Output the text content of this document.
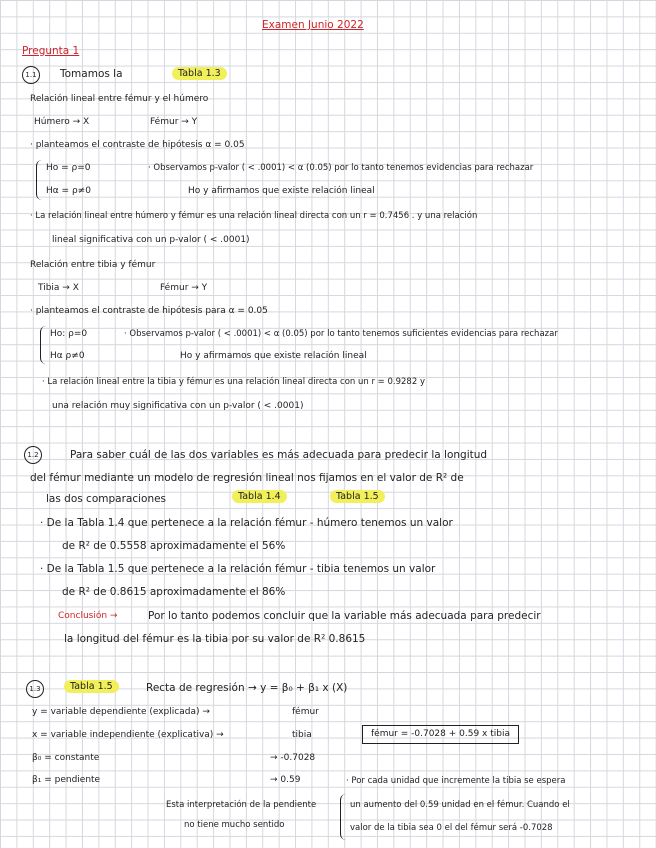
Examen Junio 2022
Pregunta 1
1.1	Tomamos la	Tabla 1.3
Relación lineal entre fémur y el húmero
Húmero → X	Fémur → Y
· planteamos el contraste de hipótesis α = 0.05
Ho = ρ=0
Hα = ρ≠0
· Observamos p-valor ( < .0001) < α (0.05) por lo tanto tenemos evidencias para rechazar
Ho y afirmamos que existe relación lineal
· La relación lineal entre húmero y fémur es una relación lineal directa con un r = 0.7456 . y una relación
lineal significativa con un p-valor ( < .0001)
Relación entre tibia y fémur
Tibia → X	Fémur → Y
· planteamos el contraste de hipótesis para α = 0.05
Ho: ρ=0
Hα ρ≠0
· Observamos p-valor ( < .0001) < α (0.05) por lo tanto tenemos suficientes evidencias para rechazar
Ho y afirmamos que existe relación lineal
· La relación lineal entre la tibia y fémur es una relación lineal directa con un r = 0.9282 y
una relación muy significativa con un p-valor ( < .0001)
1.2	Para saber cuál de las dos variables es más adecuada para predecir la longitud
del fémur mediante un modelo de regresión lineal nos fijamos en el valor de R² de
las dos comparaciones	Tabla 1.4	Tabla 1.5
· De la Tabla 1.4 que pertenece a la relación fémur - húmero tenemos un valor
de R² de 0.5558 aproximadamente el 56%
· De la Tabla 1.5 que pertenece a la relación fémur - tibia tenemos un valor
de R² de 0.8615 aproximadamente el 86%
Conclusión →	Por lo tanto podemos concluir que la variable más adecuada para predecir
la longitud del fémur es la tibia por su valor de R² 0.8615
1.3	Tabla 1.5	Recta de regresión → y = β₀ + β₁ x (X)
y = variable dependiente (explicada) →	fémur
x = variable independiente (explicativa) →	tibia	fémur = -0.7028 + 0.59 x tibia
β₀ = constante	→ -0.7028
β₁ = pendiente	→ 0.59	· Por cada unidad que incremente la tibia se espera
Esta interpretación de la pendiente
no tiene mucho sentido
un aumento del 0.59 unidad en el fémur. Cuando el
valor de la tibia sea 0 el del fémur será -0.7028
